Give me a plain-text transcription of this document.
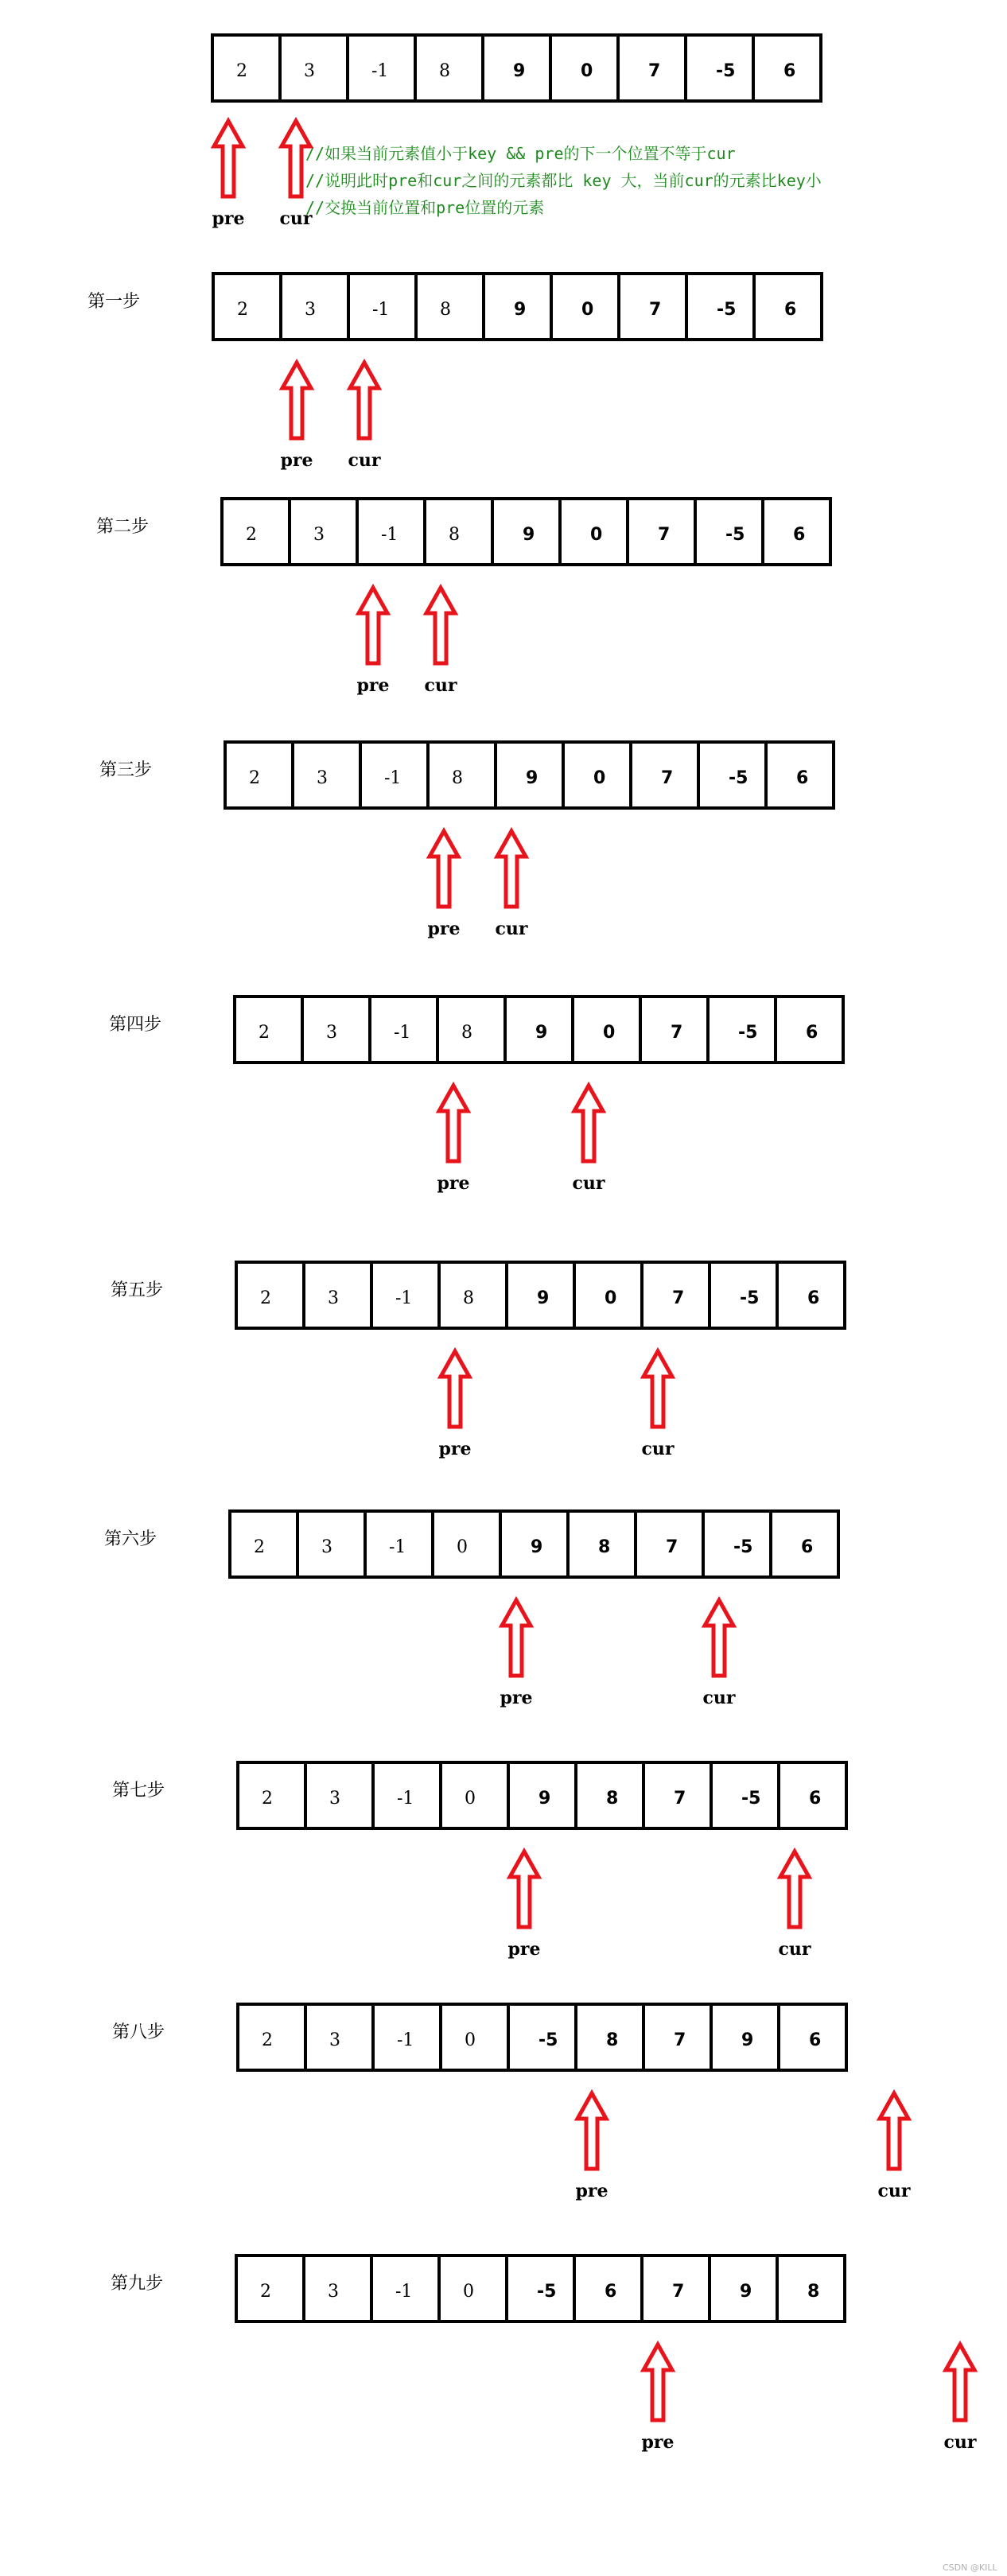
//如果当前元素值小于key && pre的下一个位置不等于cur
//说明此时pre和cur之间的元素都比 key 大，当前cur的元素比key小
//交换当前位置和pre位置的元素
2	3	-1	8	9	0	7	-5	6
pre cur
第一步	2	3	-1	8	9	0	7	-5	6
pre cur
第二步	2	3	-1	8	9	0	7	-5	6
pre cur
第三步	2	3	-1	8	9	0	7	-5	6
pre cur
第四步	2	3	-1	8	9	0	7	-5	6
pre	cur
第五步	2	3	-1	8	9	0	7	-5	6
pre	cur
第六步	2	3	-1	0	9	8	7	-5	6
pre	cur
第七步	2	3	-1	0	9	8	7	-5	6
pre	cur
第八步	2	3	-1	0	-5	8	7	9	6
pre	cur
第九步	2	3	-1	0	-5	6	7	9	8
pre	cur
CSDN @KILL
